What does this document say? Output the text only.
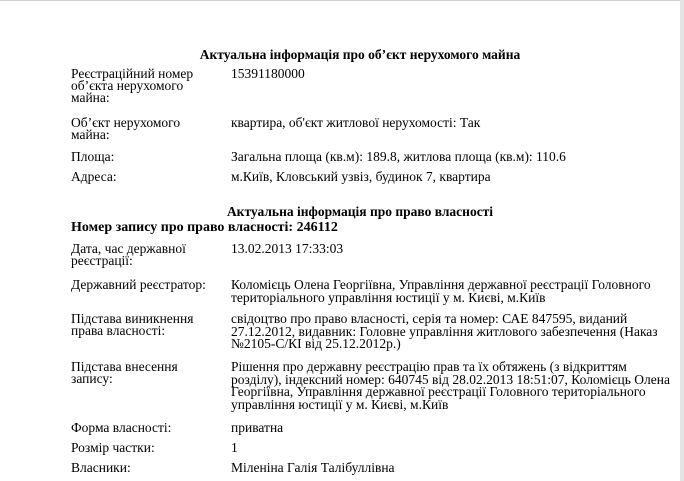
Актуальна інформація про об’єкт нерухомого майна
Реєстраційний номер об’єкта нерухомого майна:
15391180000
Об’єкт нерухомого майна:
квартира, об'єкт житлової нерухомості: Так
Площа:	Загальна площа (кв.м): 189.8, житлова площа (кв.м): 110.6
Адреса:	м.Київ, Кловський узвіз, будинок 7, квартира
Актуальна інформація про право власності
Номер запису про право власності: 246112
Дата, час державної реєстрації:
13.02.2013 17:33:03
Державний реєстратор:	Коломієць Олена Георгіївна, Управління державної реєстрації Головного територіального управління юстиції у м. Києві, м.Київ
Підстава виникнення права власності:
свідоцтво про право власності, серія та номер: САЕ 847595, виданий 27.12.2012, видавник: Головне управління житлового забезпечення (Наказ №2105-С/КІ від 25.12.2012р.)
Підстава внесення запису:
Рішення про державну реєстрацію прав та їх обтяжень (з відкриттям розділу), індексний номер: 640745 від 28.02.2013 18:51:07, Коломієць Олена Георгіївна, Управління державної реєстрації Головного територіального управління юстиції у м. Києві, м.Київ
Форма власності:	приватна
Розмір частки:	1
Власники:	Міленіна Галія Талібуллівна
